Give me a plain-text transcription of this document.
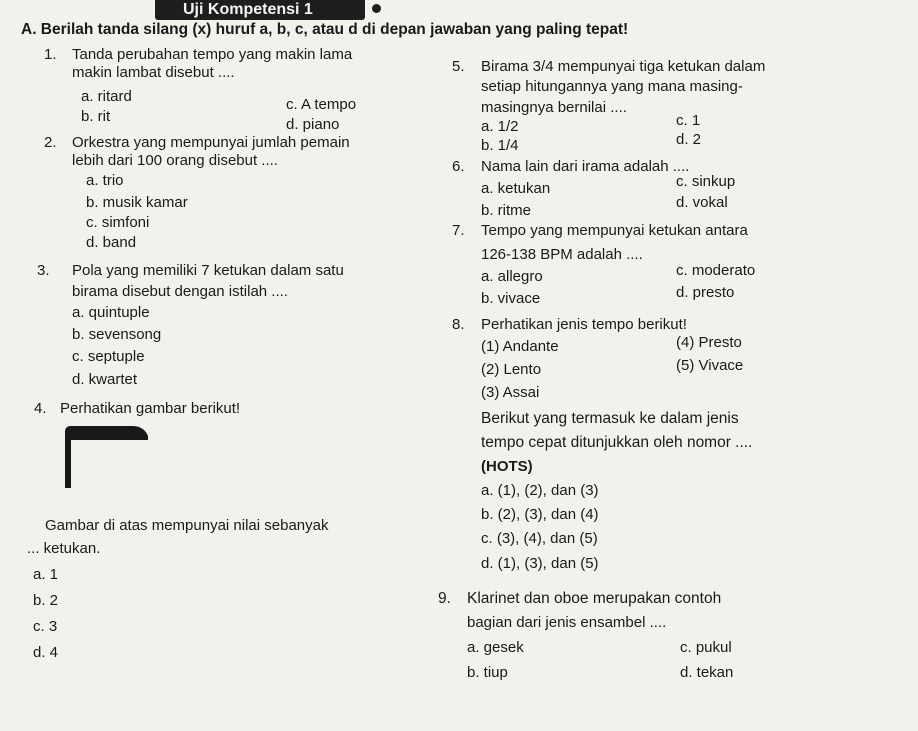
Uji Kompetensi 1
A. Berilah tanda silang (x) huruf a, b, c, atau d di depan jawaban yang paling tepat!
1. Tanda perubahan tempo yang makin lama
makin lambat disebut ....
a. ritard
b. rit
c. A tempo
d. piano
2. Orkestra yang mempunyai jumlah pemain
lebih dari 100 orang disebut ....
a. trio
b. musik kamar
c. simfoni
d. band
3. Pola yang memiliki 7 ketukan dalam satu
birama disebut dengan istilah ....
a. quintuple
b. sevensong
c. septuple
d. kwartet
4. Perhatikan gambar berikut!
Gambar di atas mempunyai nilai sebanyak
... ketukan.
a. 1
b. 2
c. 3
d. 4
5. Birama 3/4 mempunyai tiga ketukan dalam
setiap hitungannya yang mana masing-
masingnya bernilai ....
a. 1/2
b. 1/4
c. 1
d. 2
6. Nama lain dari irama adalah ....
a. ketukan
b. ritme
c. sinkup
d. vokal
7. Tempo yang mempunyai ketukan antara
126-138 BPM adalah ....
a. allegro
b. vivace
c. moderato
d. presto
8. Perhatikan jenis tempo berikut!
(1) Andante
(2) Lento
(3) Assai
(4) Presto
(5) Vivace
Berikut yang termasuk ke dalam jenis
tempo cepat ditunjukkan oleh nomor ....
(HOTS)
a. (1), (2), dan (3)
b. (2), (3), dan (4)
c. (3), (4), dan (5)
d. (1), (3), dan (5)
9. Klarinet dan oboe merupakan contoh
bagian dari jenis ensambel ....
a. gesek
b. tiup
c. pukul
d. tekan
